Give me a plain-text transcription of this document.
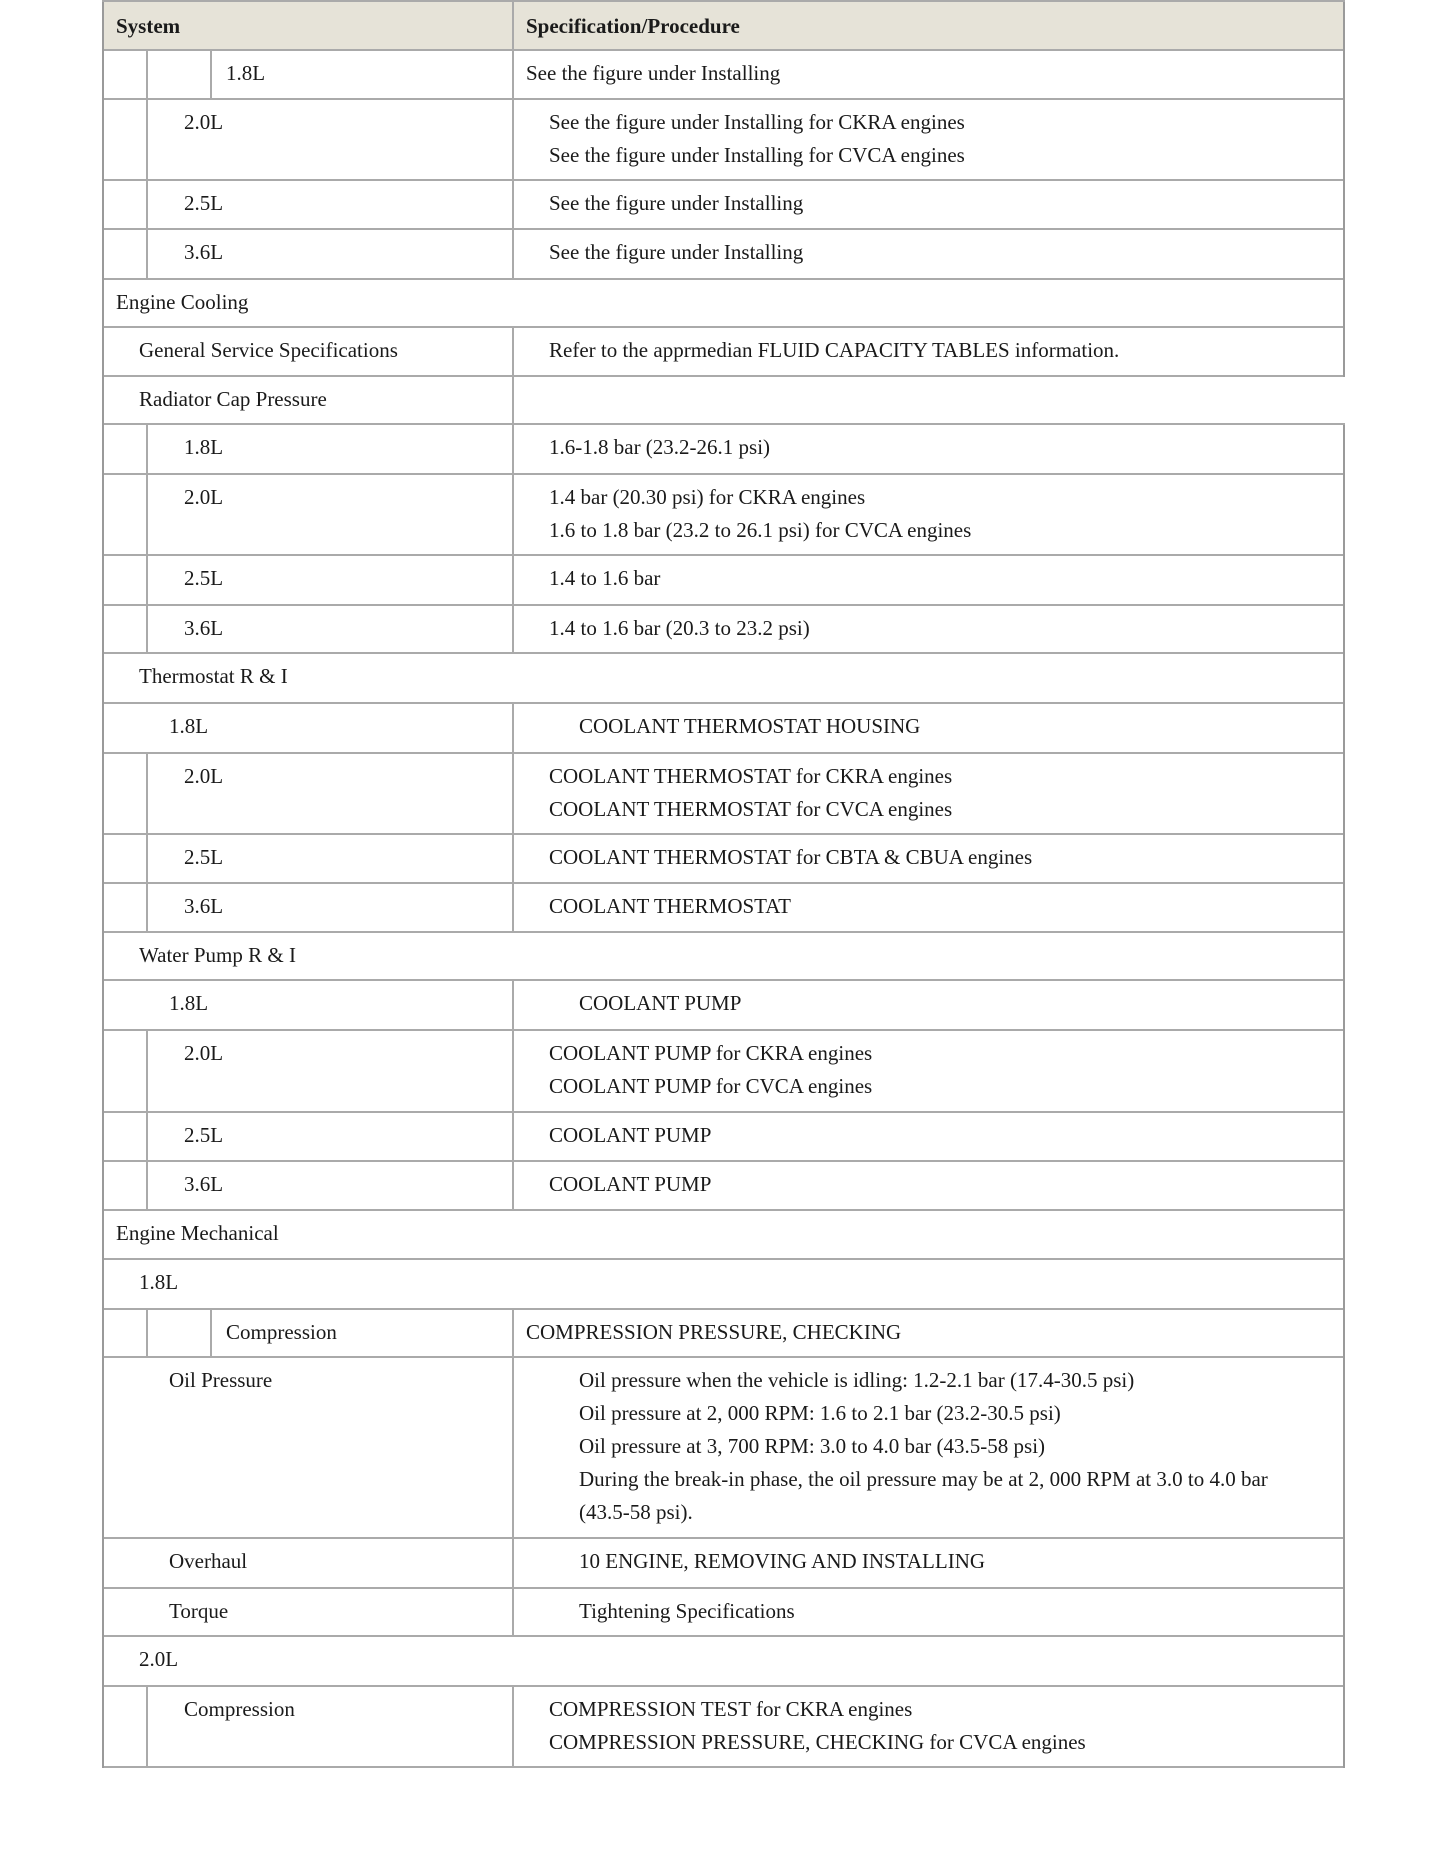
System	Specification/Procedure
1.8L	See the figure under Installing
2.0L	See the figure under Installing for CKRA engines
See the figure under Installing for CVCA engines
2.5L	See the figure under Installing
3.6L	See the figure under Installing
Engine Cooling
General Service Specifications	Refer to the apprmedian FLUID CAPACITY TABLES information.
Radiator Cap Pressure
1.8L	1.6-1.8 bar (23.2-26.1 psi)
2.0L	1.4 bar (20.30 psi) for CKRA engines
1.6 to 1.8 bar (23.2 to 26.1 psi) for CVCA engines
2.5L	1.4 to 1.6 bar
3.6L	1.4 to 1.6 bar (20.3 to 23.2 psi)
Thermostat R & I
1.8L	COOLANT THERMOSTAT HOUSING
2.0L	COOLANT THERMOSTAT for CKRA engines
COOLANT THERMOSTAT for CVCA engines
2.5L	COOLANT THERMOSTAT for CBTA & CBUA engines
3.6L	COOLANT THERMOSTAT
Water Pump R & I
1.8L	COOLANT PUMP
2.0L	COOLANT PUMP for CKRA engines
COOLANT PUMP for CVCA engines
2.5L	COOLANT PUMP
3.6L	COOLANT PUMP
Engine Mechanical
1.8L
Compression	COMPRESSION PRESSURE, CHECKING
Oil Pressure	Oil pressure when the vehicle is idling: 1.2-2.1 bar (17.4-30.5 psi)
Oil pressure at 2, 000 RPM: 1.6 to 2.1 bar (23.2-30.5 psi)
Oil pressure at 3, 700 RPM: 3.0 to 4.0 bar (43.5-58 psi)
During the break-in phase, the oil pressure may be at 2, 000 RPM at 3.0 to 4.0 bar
(43.5-58 psi).
Overhaul	10 ENGINE, REMOVING AND INSTALLING
Torque	Tightening Specifications
2.0L
Compression	COMPRESSION TEST for CKRA engines
COMPRESSION PRESSURE, CHECKING for CVCA engines
